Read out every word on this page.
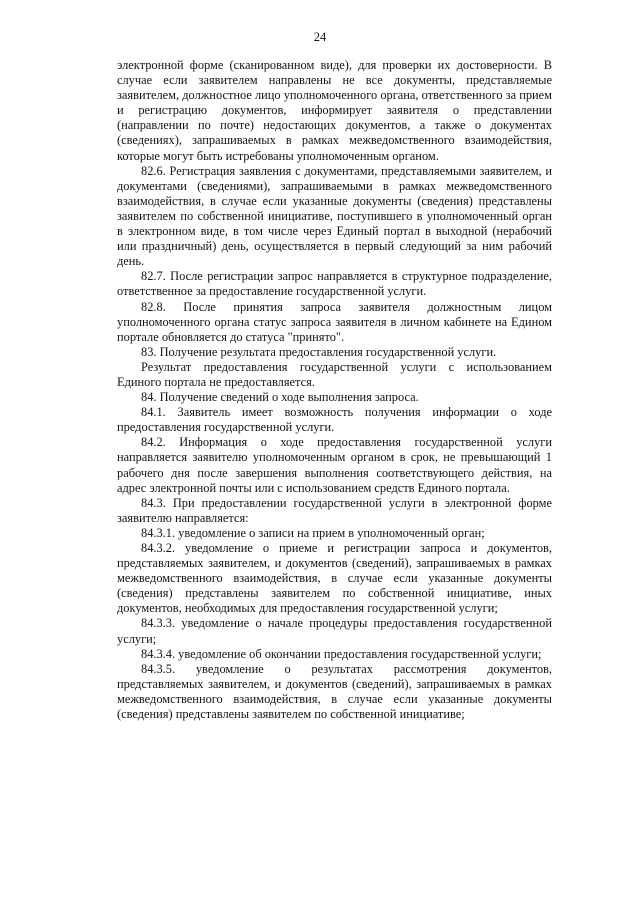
24

электронной форме (сканированном виде), для проверки их достоверности. В случае если заявителем направлены не все документы, представляемые заявителем, должностное лицо уполномоченного органа, ответственного за прием и регистрацию документов, информирует заявителя о представлении (направлении по почте) недостающих документов, а также о документах (сведениях), запрашиваемых в рамках межведомственного взаимодействия, которые могут быть истребованы уполномоченным органом.

82.6. Регистрация заявления с документами, представляемыми заявителем, и документами (сведениями), запрашиваемыми в рамках межведомственного взаимодействия, в случае если указанные документы (сведения) представлены заявителем по собственной инициативе, поступившего в уполномоченный орган в электронном виде, в том числе через Единый портал в выходной (нерабочий или праздничный) день, осуществляется в первый следующий за ним рабочий день.

82.7. После регистрации запрос направляется в структурное подразделение, ответственное за предоставление государственной услуги.

82.8. После принятия запроса заявителя должностным лицом уполномоченного органа статус запроса заявителя в личном кабинете на Едином портале обновляется до статуса "принято".

83. Получение результата предоставления государственной услуги.

Результат предоставления государственной услуги с использованием Единого портала не предоставляется.

84. Получение сведений о ходе выполнения запроса.

84.1. Заявитель имеет возможность получения информации о ходе предоставления государственной услуги.

84.2. Информация о ходе предоставления государственной услуги направляется заявителю уполномоченным органом в срок, не превышающий 1 рабочего дня после завершения выполнения соответствующего действия, на адрес электронной почты или с использованием средств Единого портала.

84.3. При предоставлении государственной услуги в электронной форме заявителю направляется:

84.3.1. уведомление о записи на прием в уполномоченный орган;

84.3.2. уведомление о приеме и регистрации запроса и документов, представляемых заявителем, и документов (сведений), запрашиваемых в рамках межведомственного взаимодействия, в случае если указанные документы (сведения) представлены заявителем по собственной инициативе, иных документов, необходимых для предоставления государственной услуги;

84.3.3. уведомление о начале процедуры предоставления государственной услуги;

84.3.4. уведомление об окончании предоставления государственной услуги;

84.3.5. уведомление о результатах рассмотрения документов, представляемых заявителем, и документов (сведений), запрашиваемых в рамках межведомственного взаимодействия, в случае если указанные документы (сведения) представлены заявителем по собственной инициативе;
